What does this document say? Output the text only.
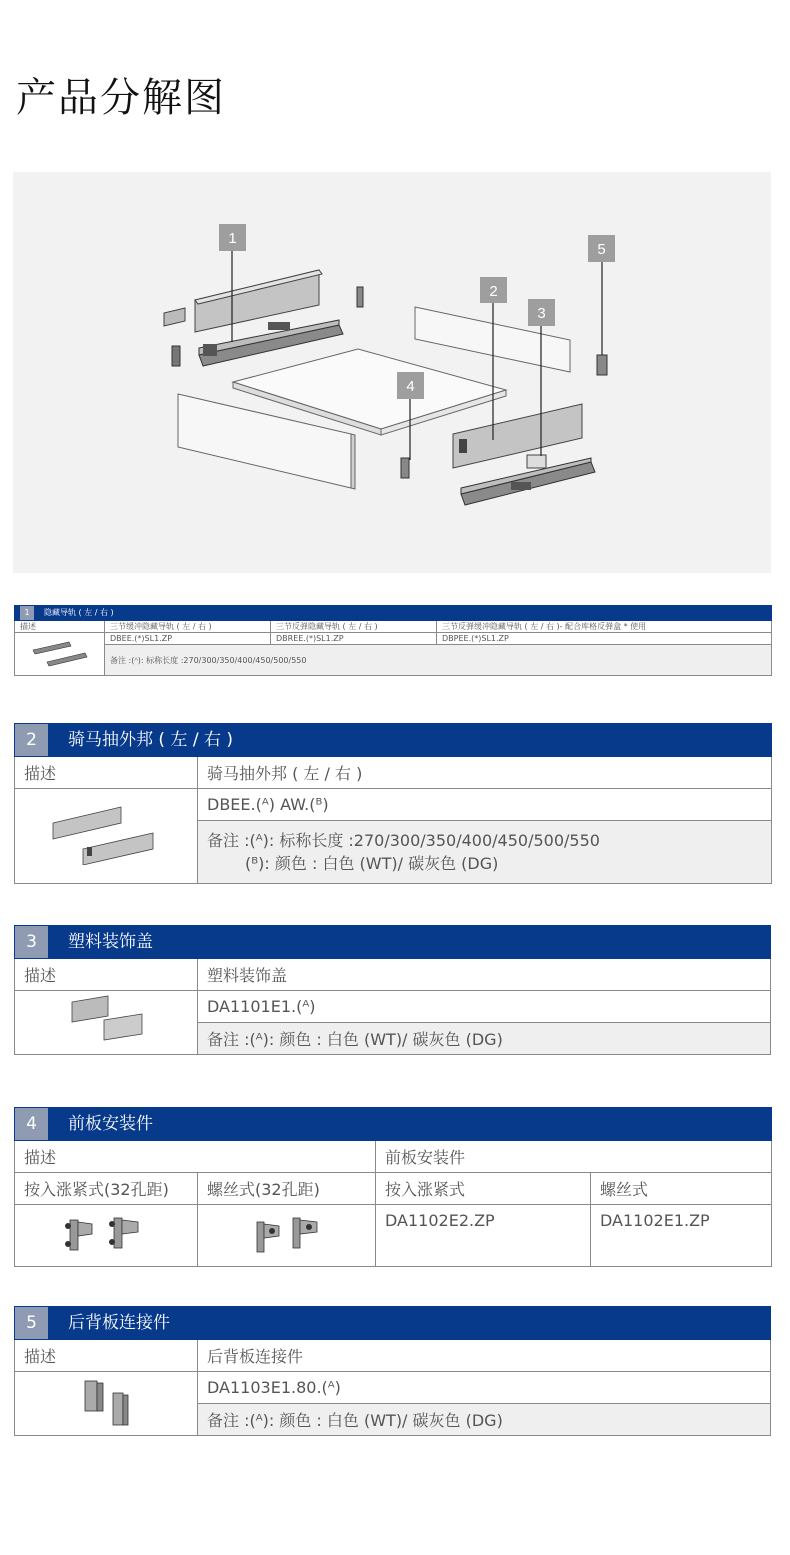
产品分解图
1
2
3
4
5
1 隐藏导轨 ( 左 / 右 )			
描述	三节缓冲隐藏导轨 ( 左 / 右 )	三节反弹隐藏导轨 ( 左 / 右 )	三节反弹缓冲隐藏导轨 ( 左 / 右 )- 配合库格反弹盒 * 使用
	DBEE.(*)SL1.ZP	DBREE.(*)SL1.ZP	DBPEE.(*)SL1.ZP
	备注 :(ᴬ): 标称长度 :270/300/350/400/450/500/550		
2 骑马抽外邦 ( 左 / 右 )	
描述	骑马抽外邦 ( 左 / 右 )
	DBEE.(ᴬ) AW.(ᴮ)

	备注 :(ᴬ): 标称长度 :270/300/350/400/450/500/550
(ᴮ): 颜色 : 白色 (WT)/ 碳灰色 (DG)
3 塑料装饰盖	
描述	塑料装饰盖
	DA1101E1.(ᴬ)
	备注 :(ᴬ): 颜色 : 白色 (WT)/ 碳灰色 (DG)
4 前板安装件			
描述		前板安装件	
按入涨紧式(32孔距)	螺丝式(32孔距)	按入涨紧式	螺丝式
		DA1102E2.ZP	DA1102E1.ZP
5 后背板连接件	
描述	后背板连接件
	DA1103E1.80.(ᴬ)
	备注 :(ᴬ): 颜色 : 白色 (WT)/ 碳灰色 (DG)
